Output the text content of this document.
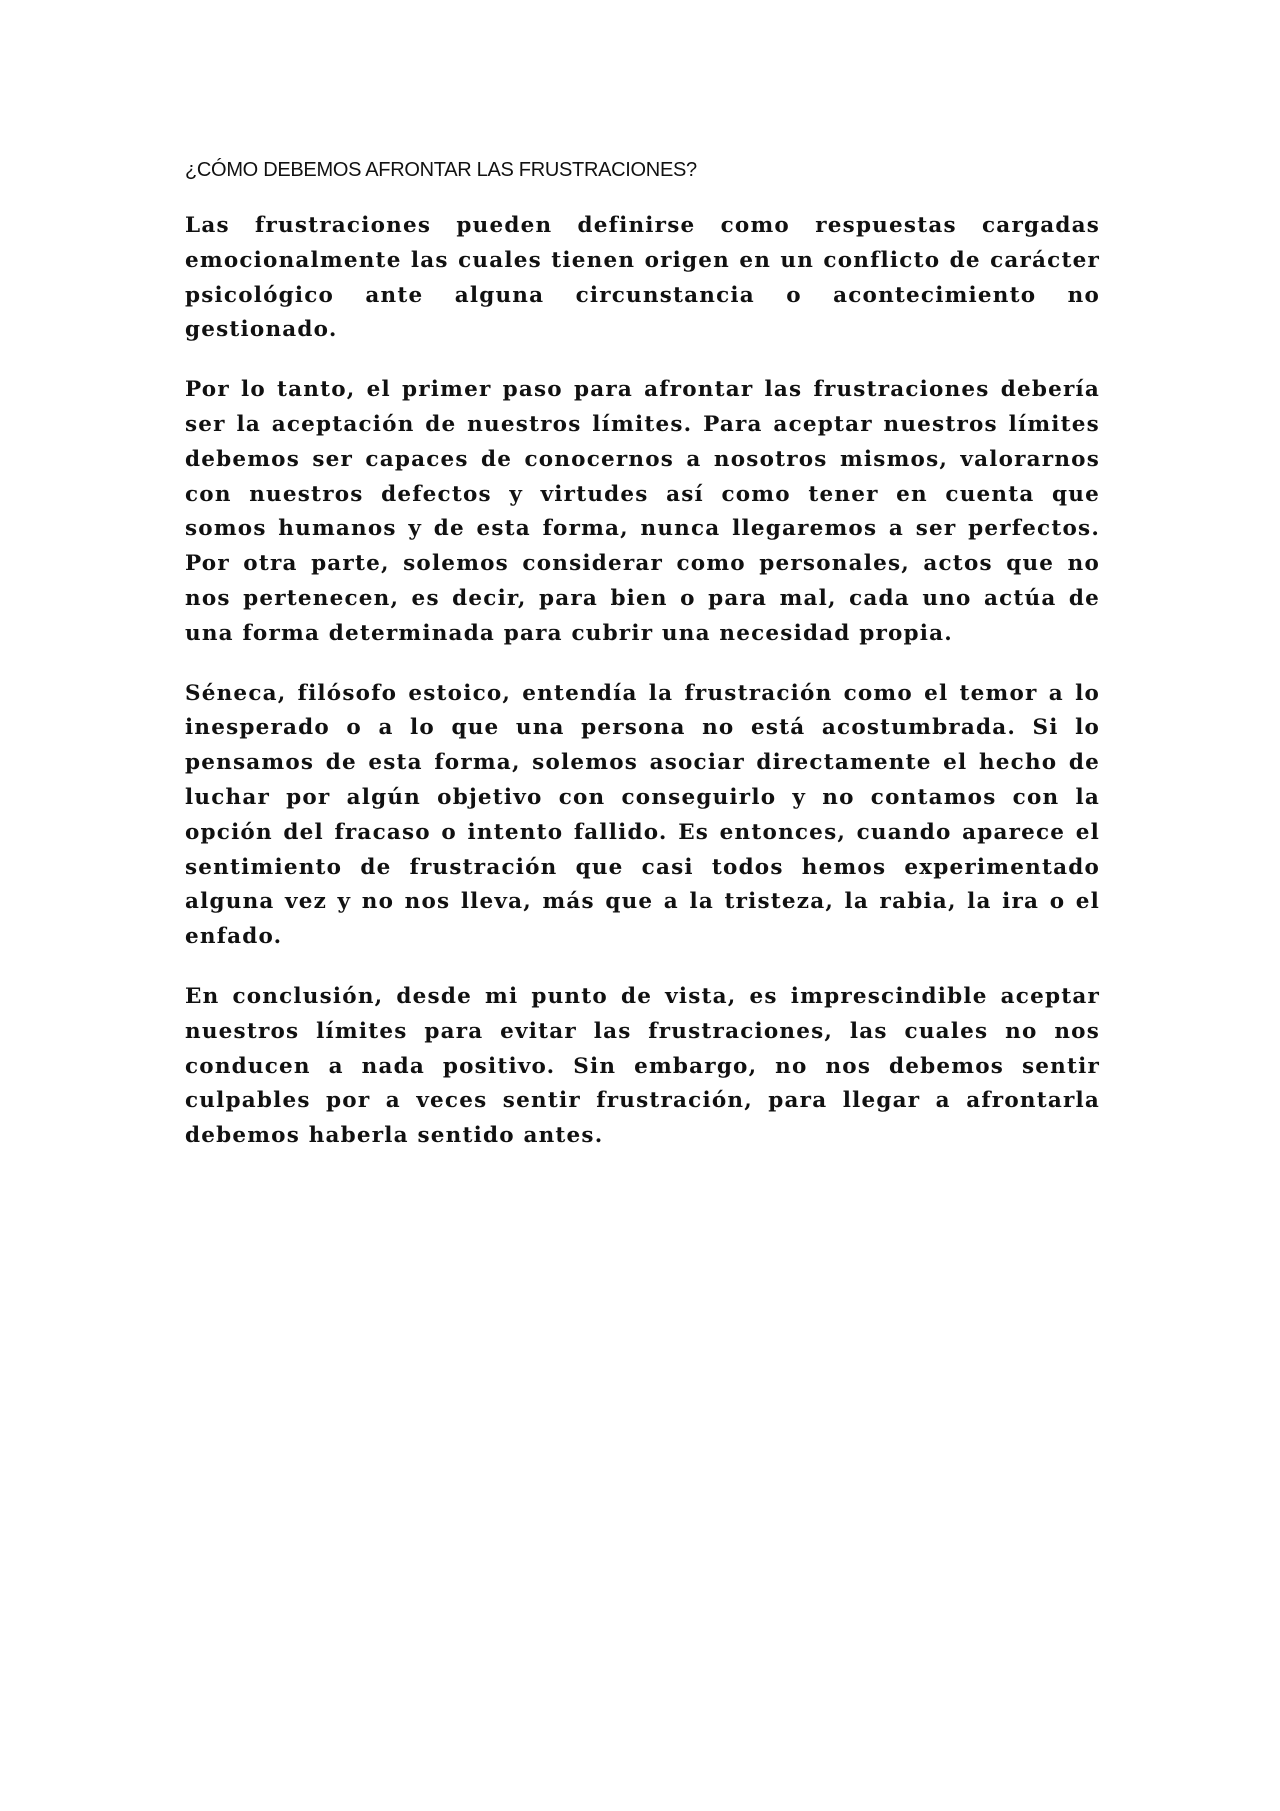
¿CÓMO DEBEMOS AFRONTAR LAS FRUSTRACIONES?

Las frustraciones pueden definirse como respuestas cargadas emocionalmente las cuales tienen origen en un conflicto de carácter psicológico ante alguna circunstancia o acontecimiento no gestionado.

Por lo tanto, el primer paso para afrontar las frustraciones debería ser la aceptación de nuestros límites. Para aceptar nuestros límites debemos ser capaces de conocernos a nosotros mismos, valorarnos con nuestros defectos y virtudes así como tener en cuenta que somos humanos y de esta forma, nunca llegaremos a ser perfectos. Por otra parte, solemos considerar como personales, actos que no nos pertenecen, es decir, para bien o para mal, cada uno actúa de una forma determinada para cubrir una necesidad propia.

Séneca, filósofo estoico, entendía la frustración como el temor a lo inesperado o a lo que una persona no está acostumbrada. Si lo pensamos de esta forma, solemos asociar directamente el hecho de luchar por algún objetivo con conseguirlo y no contamos con la opción del fracaso o intento fallido. Es entonces, cuando aparece el sentimiento de frustración que casi todos hemos experimentado alguna vez y no nos lleva, más que a la tristeza, la rabia, la ira o el enfado.

En conclusión, desde mi punto de vista, es imprescindible aceptar nuestros límites para evitar las frustraciones, las cuales no nos conducen a nada positivo. Sin embargo, no nos debemos sentir culpables por a veces sentir frustración, para llegar a afrontarla debemos haberla sentido antes.
